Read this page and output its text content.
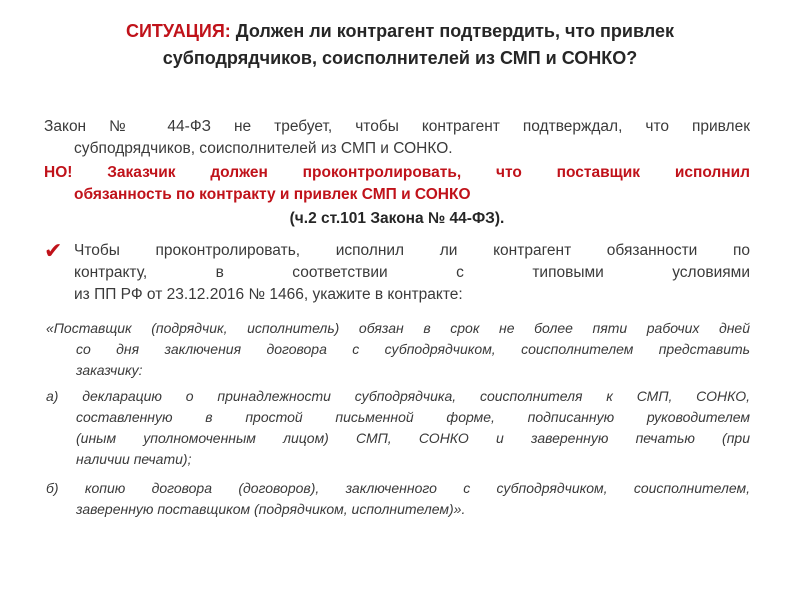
СИТУАЦИЯ: Должен ли контрагент подтвердить, что привлек
субподрядчиков, соисполнителей из СМП и СОНКО?
Закон № 44-ФЗ не требует, чтобы контрагент подтверждал, что привлек
субподрядчиков, соисполнителей из СМП и СОНКО.
НО! Заказчик должен проконтролировать, что поставщик исполнил
обязанность по контракту и привлек СМП и СОНКО
(ч.2 ст.101 Закона № 44-ФЗ).
✔ Чтобы проконтролировать, исполнил ли контрагент обязанности по
контракту, в соответствии с типовыми условиями
из ПП РФ от 23.12.2016 № 1466, укажите в контракте:
«Поставщик (подрядчик, исполнитель) обязан в срок не более пяти рабочих дней
со дня заключения договора с субподрядчиком, соисполнителем представить
заказчику:
а) декларацию о принадлежности субподрядчика, соисполнителя к СМП, СОНКО,
составленную в простой письменной форме, подписанную руководителем
(иным уполномоченным лицом) СМП, СОНКО и заверенную печатью (при
наличии печати);
б) копию договора (договоров), заключенного с субподрядчиком, соисполнителем,
заверенную поставщиком (подрядчиком, исполнителем)».
